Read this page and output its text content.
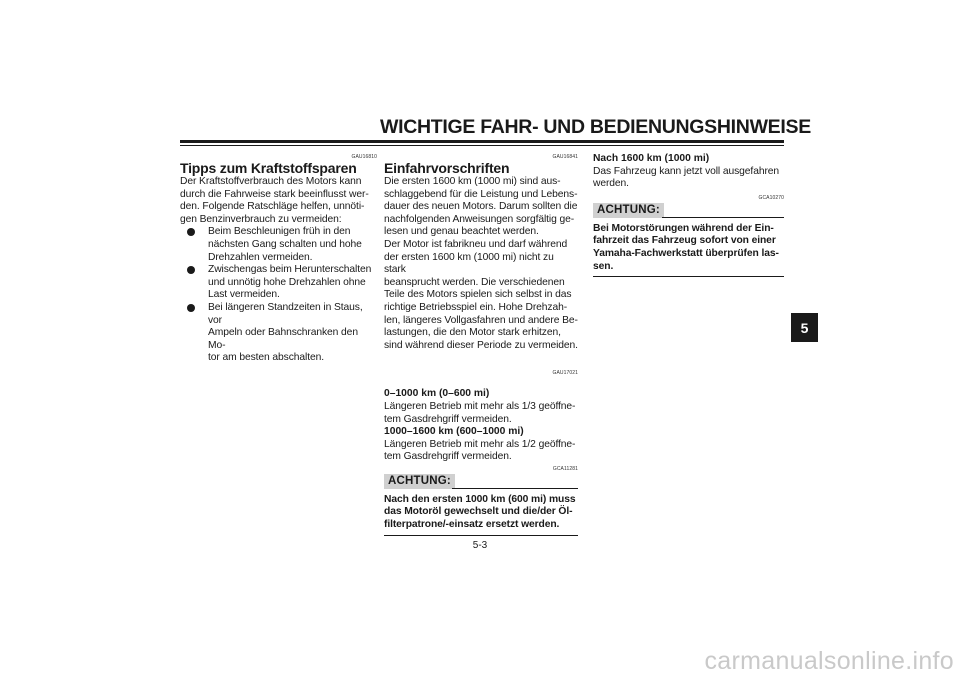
WICHTIGE FAHR- UND BEDIENUNGSHINWEISE
5
GAU16810
Tipps zum Kraftstoffsparen

Der Kraftstoffverbrauch des Motors kann
durch die Fahrweise stark beeinflusst wer-
den. Folgende Ratschläge helfen, unnöti-
gen Benzinverbrauch zu vermeiden:

Beim Beschleunigen früh in den
nächsten Gang schalten und hohe
Drehzahlen vermeiden.
Zwischengas beim Herunterschalten
und unnötig hohe Drehzahlen ohne
Last vermeiden.
Bei längeren Standzeiten in Staus, vor
Ampeln oder Bahnschranken den Mo-
tor am besten abschalten.
GAU16841
Einfahrvorschriften

Die ersten 1600 km (1000 mi) sind aus-
schlaggebend für die Leistung und Lebens-
dauer des neuen Motors. Darum sollten die
nachfolgenden Anweisungen sorgfältig ge-
lesen und genau beachtet werden.

Der Motor ist fabrikneu und darf während
der ersten 1600 km (1000 mi) nicht zu stark
beansprucht werden. Die verschiedenen
Teile des Motors spielen sich selbst in das
richtige Betriebsspiel ein. Hohe Drehzah-
len, längeres Vollgasfahren und andere Be-
lastungen, die den Motor stark erhitzen,
sind während dieser Periode zu vermeiden.

GAU17021

0–1000 km (0–600 mi)

Längeren Betrieb mit mehr als 1/3 geöffne-
tem Gasdrehgriff vermeiden.

1000–1600 km (600–1000 mi)

Längeren Betrieb mit mehr als 1/2 geöffne-
tem Gasdrehgriff vermeiden.

GCA11281
ACHTUNG:

Nach den ersten 1000 km (600 mi) muss
das Motoröl gewechselt und die/der Öl-
filterpatrone/-einsatz ersetzt werden.

Nach 1600 km (1000 mi)

Das Fahrzeug kann jetzt voll ausgefahren
werden.

GCA10270
ACHTUNG:

Bei Motorstörungen während der Ein-
fahrzeit das Fahrzeug sofort von einer
Yamaha-Fachwerkstatt überprüfen las-
sen.

5-3
carmanualsonline.info
